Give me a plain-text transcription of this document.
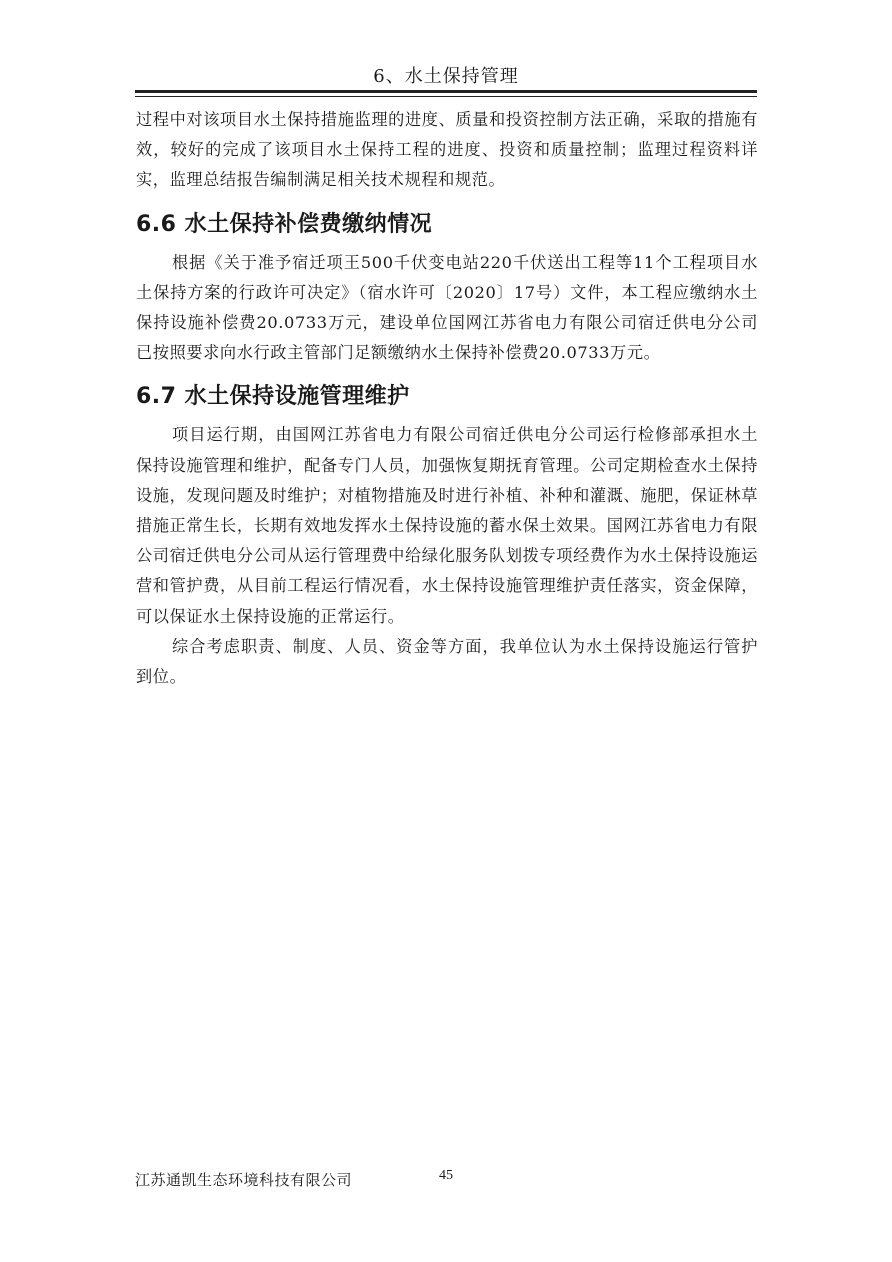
6、水土保持管理

过程中对该项目水土保持措施监理的进度、质量和投资控制方法正确，采取的措施有效，较好的完成了该项目水土保持工程的进度、投资和质量控制；监理过程资料详实，监理总结报告编制满足相关技术规程和规范。

6.6 水土保持补偿费缴纳情况

根据《关于准予宿迁项王500千伏变电站220千伏送出工程等11个工程项目水土保持方案的行政许可决定》（宿水许可〔2020〕17号）文件，本工程应缴纳水土保持设施补偿费20.0733万元，建设单位国网江苏省电力有限公司宿迁供电分公司已按照要求向水行政主管部门足额缴纳水土保持补偿费20.0733万元。

6.7 水土保持设施管理维护

项目运行期，由国网江苏省电力有限公司宿迁供电分公司运行检修部承担水土保持设施管理和维护，配备专门人员，加强恢复期抚育管理。公司定期检查水土保持设施，发现问题及时维护；对植物措施及时进行补植、补种和灌溉、施肥，保证林草措施正常生长，长期有效地发挥水土保持设施的蓄水保土效果。国网江苏省电力有限公司宿迁供电分公司从运行管理费中给绿化服务队划拨专项经费作为水土保持设施运营和管护费，从目前工程运行情况看，水土保持设施管理维护责任落实，资金保障，可以保证水土保持设施的正常运行。

综合考虑职责、制度、人员、资金等方面，我单位认为水土保持设施运行管护到位。

江苏通凯生态环境科技有限公司	45
